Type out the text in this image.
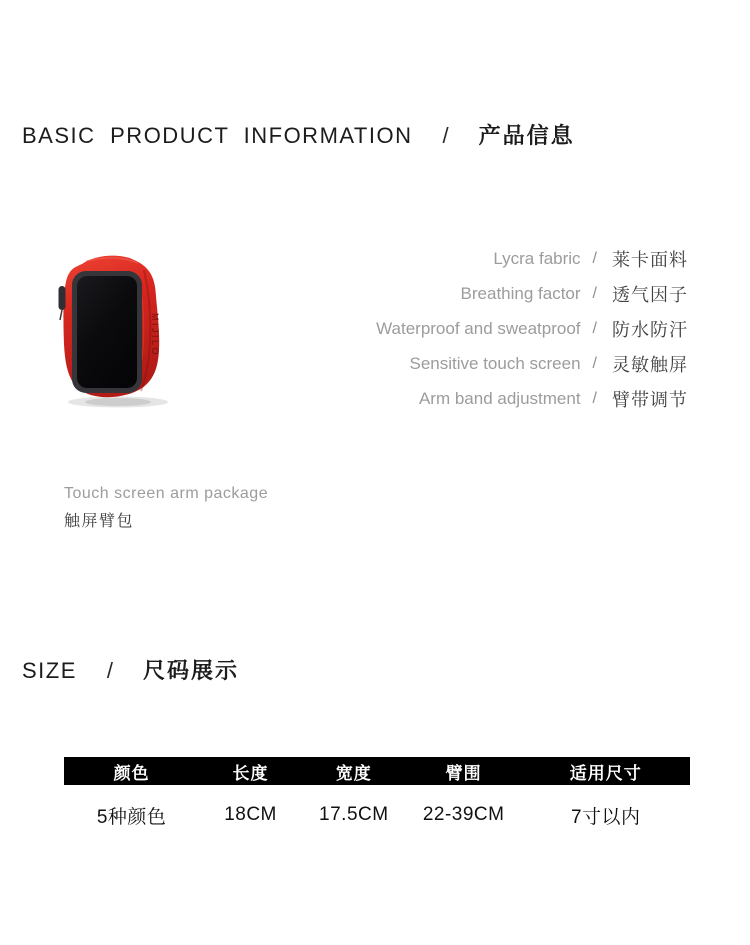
BASIC PRODUCT INFORMATION / 产品信息
MIJILO
Lycra fabric / 莱卡面料
Breathing factor / 透气因子
Waterproof and sweatproof / 防水防汗
Sensitive touch screen / 灵敏触屏
Arm band adjustment / 臂带调节
Touch screen arm package
触屏臂包
SIZE / 尺码展示
颜色	长度	宽度	臂围	适用尺寸
5种颜色	18CM	17.5CM	22-39CM	7寸以内
